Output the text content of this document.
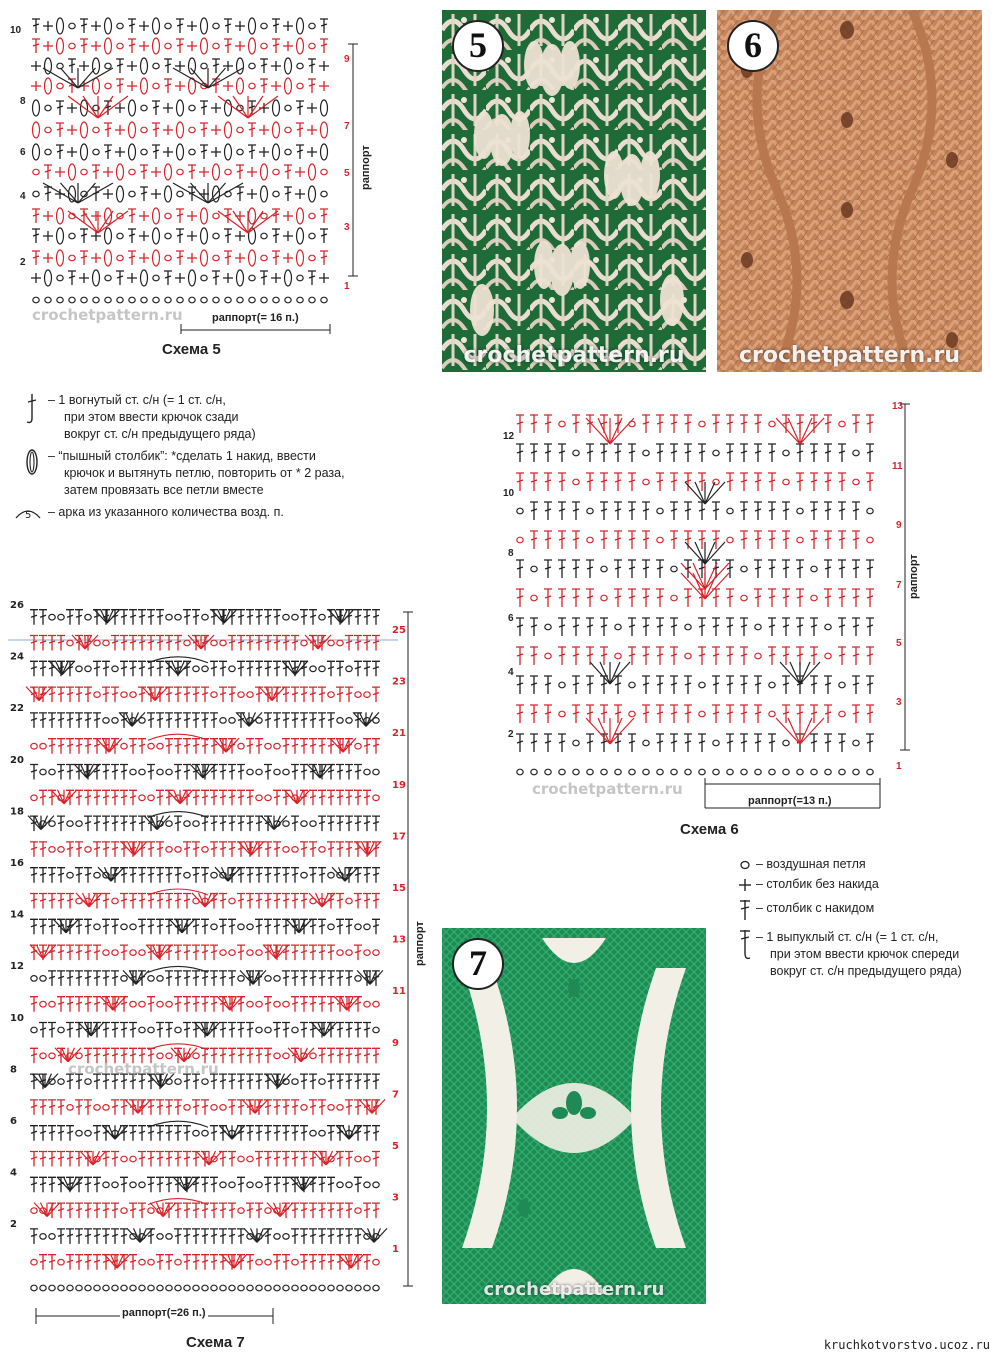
10
8
6
4
2
9
7
5
3
1
раппорт
раппорт(= 16 п.)
crochetpattern.ru
Схема 5
5
crochetpattern.ru
6
crochetpattern.ru
– 1 вогнутый ст. с/н (= 1 ст. с/н,
при этом ввести крючок сзади
вокруг ст. с/н предыдущего ряда)
– “пышный столбик”: *сделать 1 накид, ввести
крючок и вытянуть петлю, повторить от * 2 раза,
затем провязать все петли вместе
5 – арка из указанного количества возд. п.
12
10
8
6
4
2
13
11
9
7
5
3
1
раппорт
раппорт(=13 п.)
crochetpattern.ru
Схема 6
– воздушная петля
– столбик без накида
– столбик с накидом
– 1 выпуклый ст. с/н (= 1 ст. с/н,
при этом ввести крючок спереди
вокруг ст. с/н предыдущего ряда)
26
24
22
20
18
16
14
12
10
8
6
4
2
25
23
21
19
17
15
13
11
9
7
5
3
1
crochetpattern.ru
раппорт
раппорт(=26 п.)
Схема 7
7
crochetpattern.ru
kruchkotvorstvo.ucoz.ru
